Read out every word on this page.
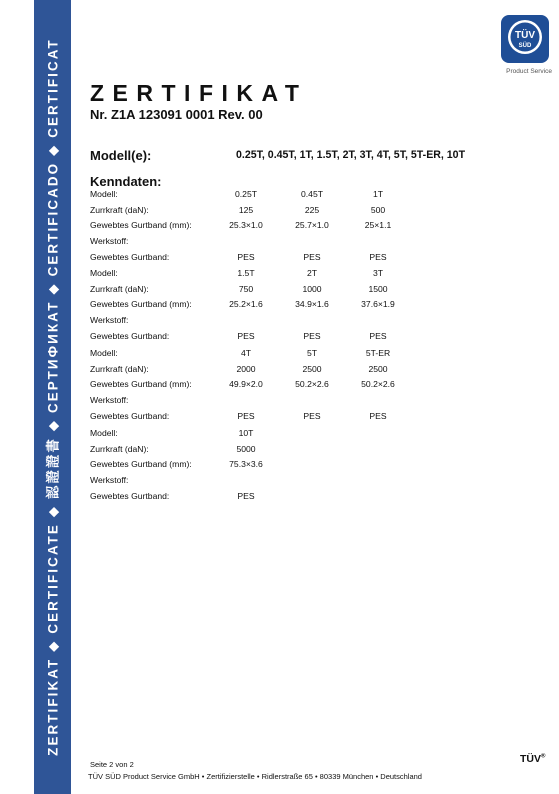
ZERTIFIKAT ◆ CERTIFICATE ◆ 認證證書 ◆ СЕРТИФИКАТ ◆ CERTIFICADO ◆ CERTIFICAT
TÜV
SÜD
Product Service
ZERTIFIKAT
Nr. Z1A 123091 0001 Rev. 00
Modell(e):	0.25T, 0.45T, 1T, 1.5T, 2T, 3T, 4T, 5T, 5T-ER, 10T
Kenndaten:
Modell:	0.25T	0.45T	1T
Zurrkraft (daN):	125	225	500
Gewebtes Gurtband (mm):	25.3×1.0	25.7×1.0	25×1.1
Werkstoff:
Gewebtes Gurtband:	PES	PES	PES
Modell:	1.5T	2T	3T
Zurrkraft (daN):	750	1000	1500
Gewebtes Gurtband (mm):	25.2×1.6	34.9×1.6	37.6×1.9
Werkstoff:
Gewebtes Gurtband:	PES	PES	PES
Modell:	4T	5T	5T-ER
Zurrkraft (daN):	2000	2500	2500
Gewebtes Gurtband (mm):	49.9×2.0	50.2×2.6	50.2×2.6
Werkstoff:
Gewebtes Gurtband:	PES	PES	PES
Modell:	10T
Zurrkraft (daN):	5000
Gewebtes Gurtband (mm):	75.3×3.6
Werkstoff:
Gewebtes Gurtband:	PES
Seite 2 von 2
TÜV SÜD Product Service GmbH • Zertifizierstelle • Ridlerstraße 65 • 80339 München • Deutschland
TÜV®
